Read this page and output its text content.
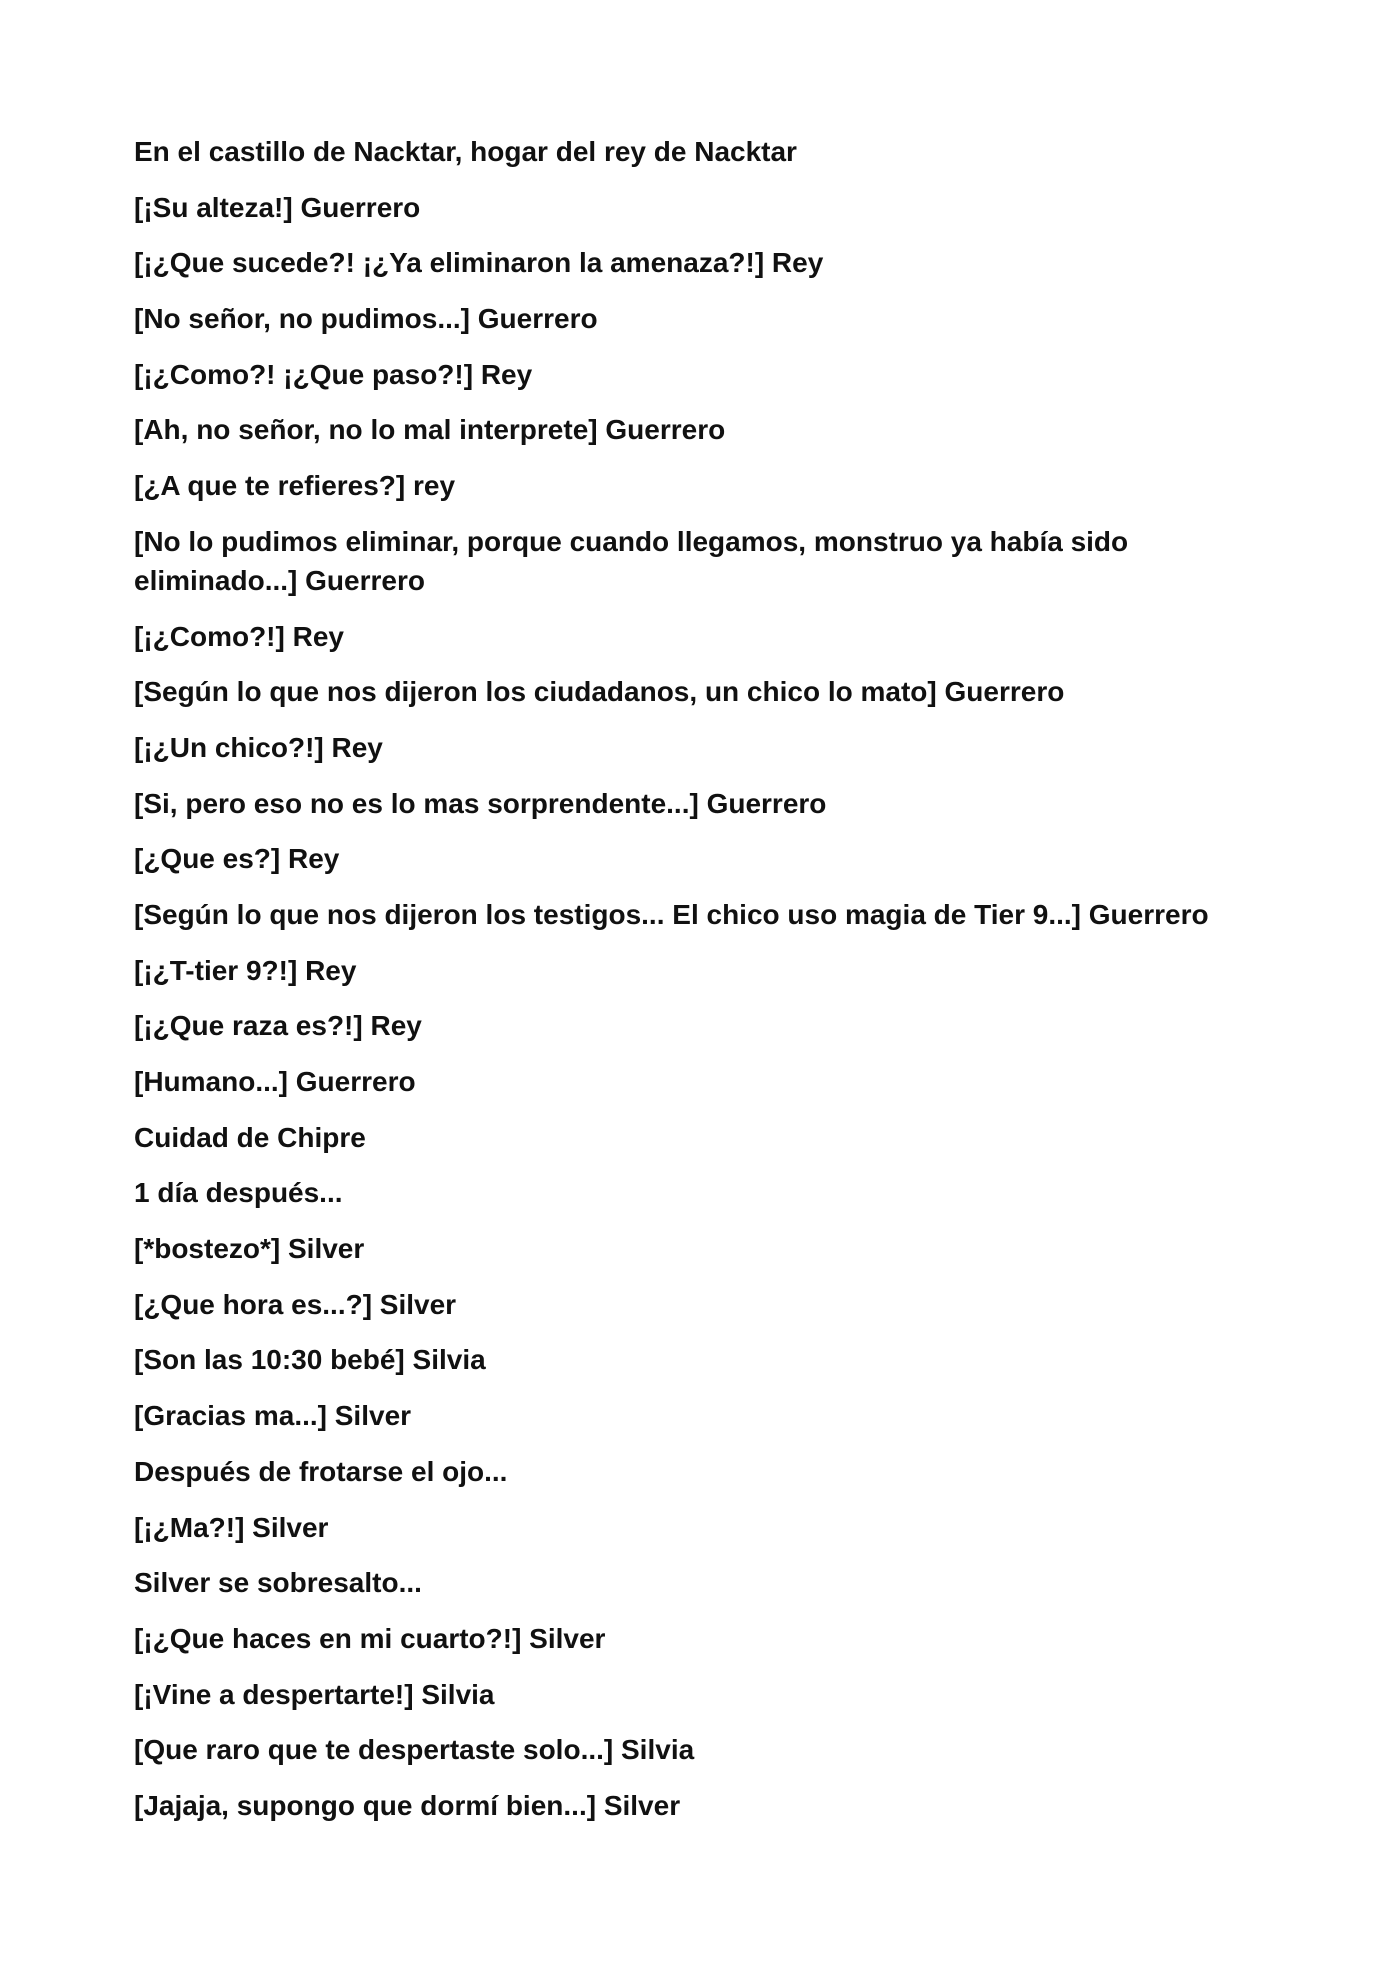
En el castillo de Nacktar, hogar del rey de Nacktar

[¡Su alteza!] Guerrero

[¡¿Que sucede?! ¡¿Ya eliminaron la amenaza?!] Rey

[No señor, no pudimos...] Guerrero

[¡¿Como?! ¡¿Que paso?!] Rey

[Ah, no señor, no lo mal interprete] Guerrero

[¿A que te refieres?] rey

[No lo pudimos eliminar, porque cuando llegamos, monstruo ya había sido eliminado...] Guerrero

[¡¿Como?!] Rey

[Según lo que nos dijeron los ciudadanos, un chico lo mato] Guerrero

[¡¿Un chico?!] Rey

[Si, pero eso no es lo mas sorprendente...] Guerrero

[¿Que es?] Rey

[Según lo que nos dijeron los testigos... El chico uso magia de Tier 9...] Guerrero

[¡¿T-tier 9?!] Rey

[¡¿Que raza es?!] Rey

[Humano...] Guerrero

Cuidad de Chipre

1 día después...

[*bostezo*] Silver

[¿Que hora es...?] Silver

[Son las 10:30 bebé] Silvia

[Gracias ma...] Silver

Después de frotarse el ojo...

[¡¿Ma?!] Silver

Silver se sobresalto...

[¡¿Que haces en mi cuarto?!] Silver

[¡Vine a despertarte!] Silvia

[Que raro que te despertaste solo...] Silvia

[Jajaja, supongo que dormí bien...] Silver
